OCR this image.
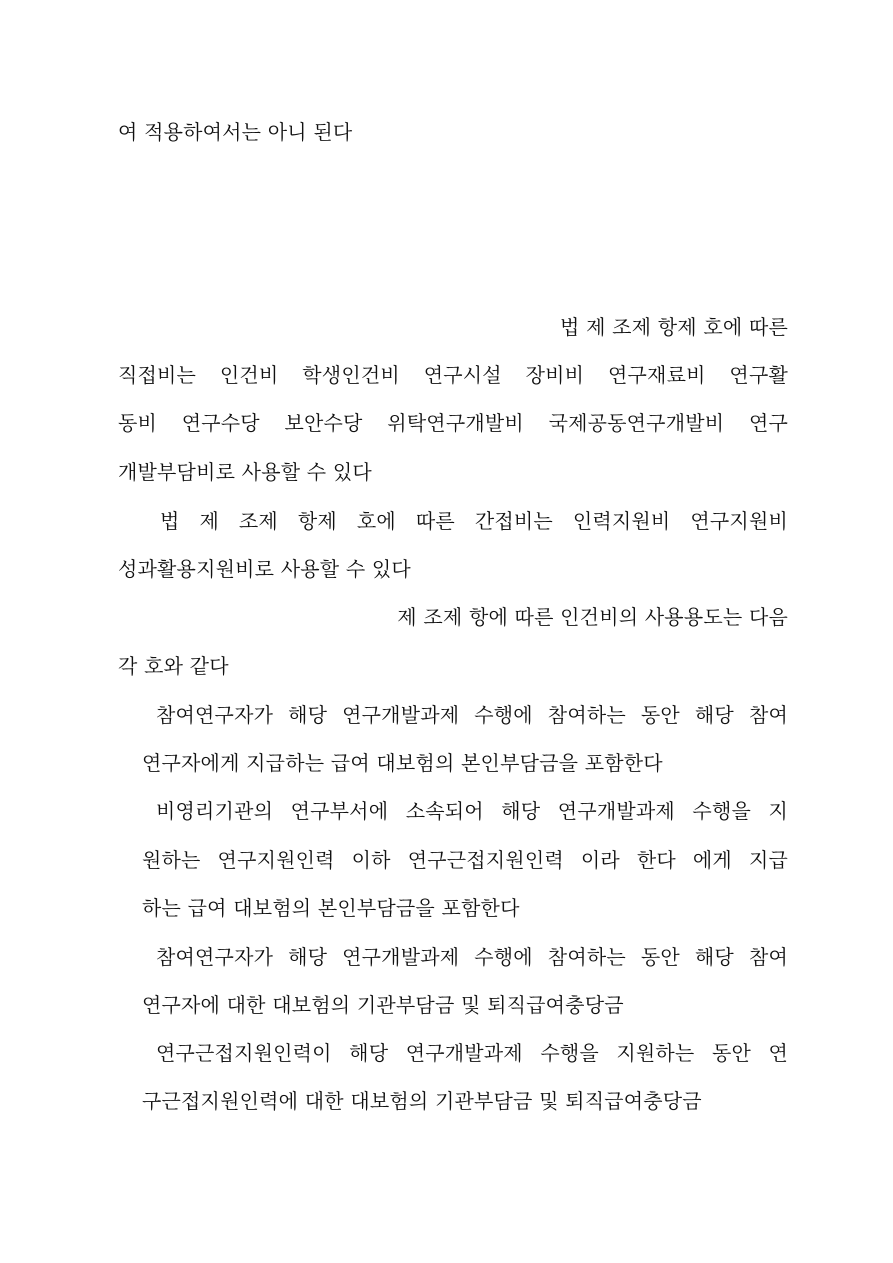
여 적용하여서는 아니 된다
법 제 조제 항제 호에 따른
직접비는 인건비 학생인건비 연구시설 장비비 연구재료비 연구활
동비 연구수당 보안수당 위탁연구개발비 국제공동연구개발비 연구
개발부담비로 사용할 수 있다
법 제 조제 항제 호에 따른 간접비는 인력지원비 연구지원비
성과활용지원비로 사용할 수 있다
제 조제 항에 따른 인건비의 사용용도는 다음
각 호와 같다
참여연구자가 해당 연구개발과제 수행에 참여하는 동안 해당 참여
연구자에게 지급하는 급여 대보험의 본인부담금을 포함한다
비영리기관의 연구부서에 소속되어 해당 연구개발과제 수행을 지
원하는 연구지원인력 이하 연구근접지원인력 이라 한다 에게 지급
하는 급여 대보험의 본인부담금을 포함한다
참여연구자가 해당 연구개발과제 수행에 참여하는 동안 해당 참여
연구자에 대한 대보험의 기관부담금 및 퇴직급여충당금
연구근접지원인력이 해당 연구개발과제 수행을 지원하는 동안 연
구근접지원인력에 대한 대보험의 기관부담금 및 퇴직급여충당금
